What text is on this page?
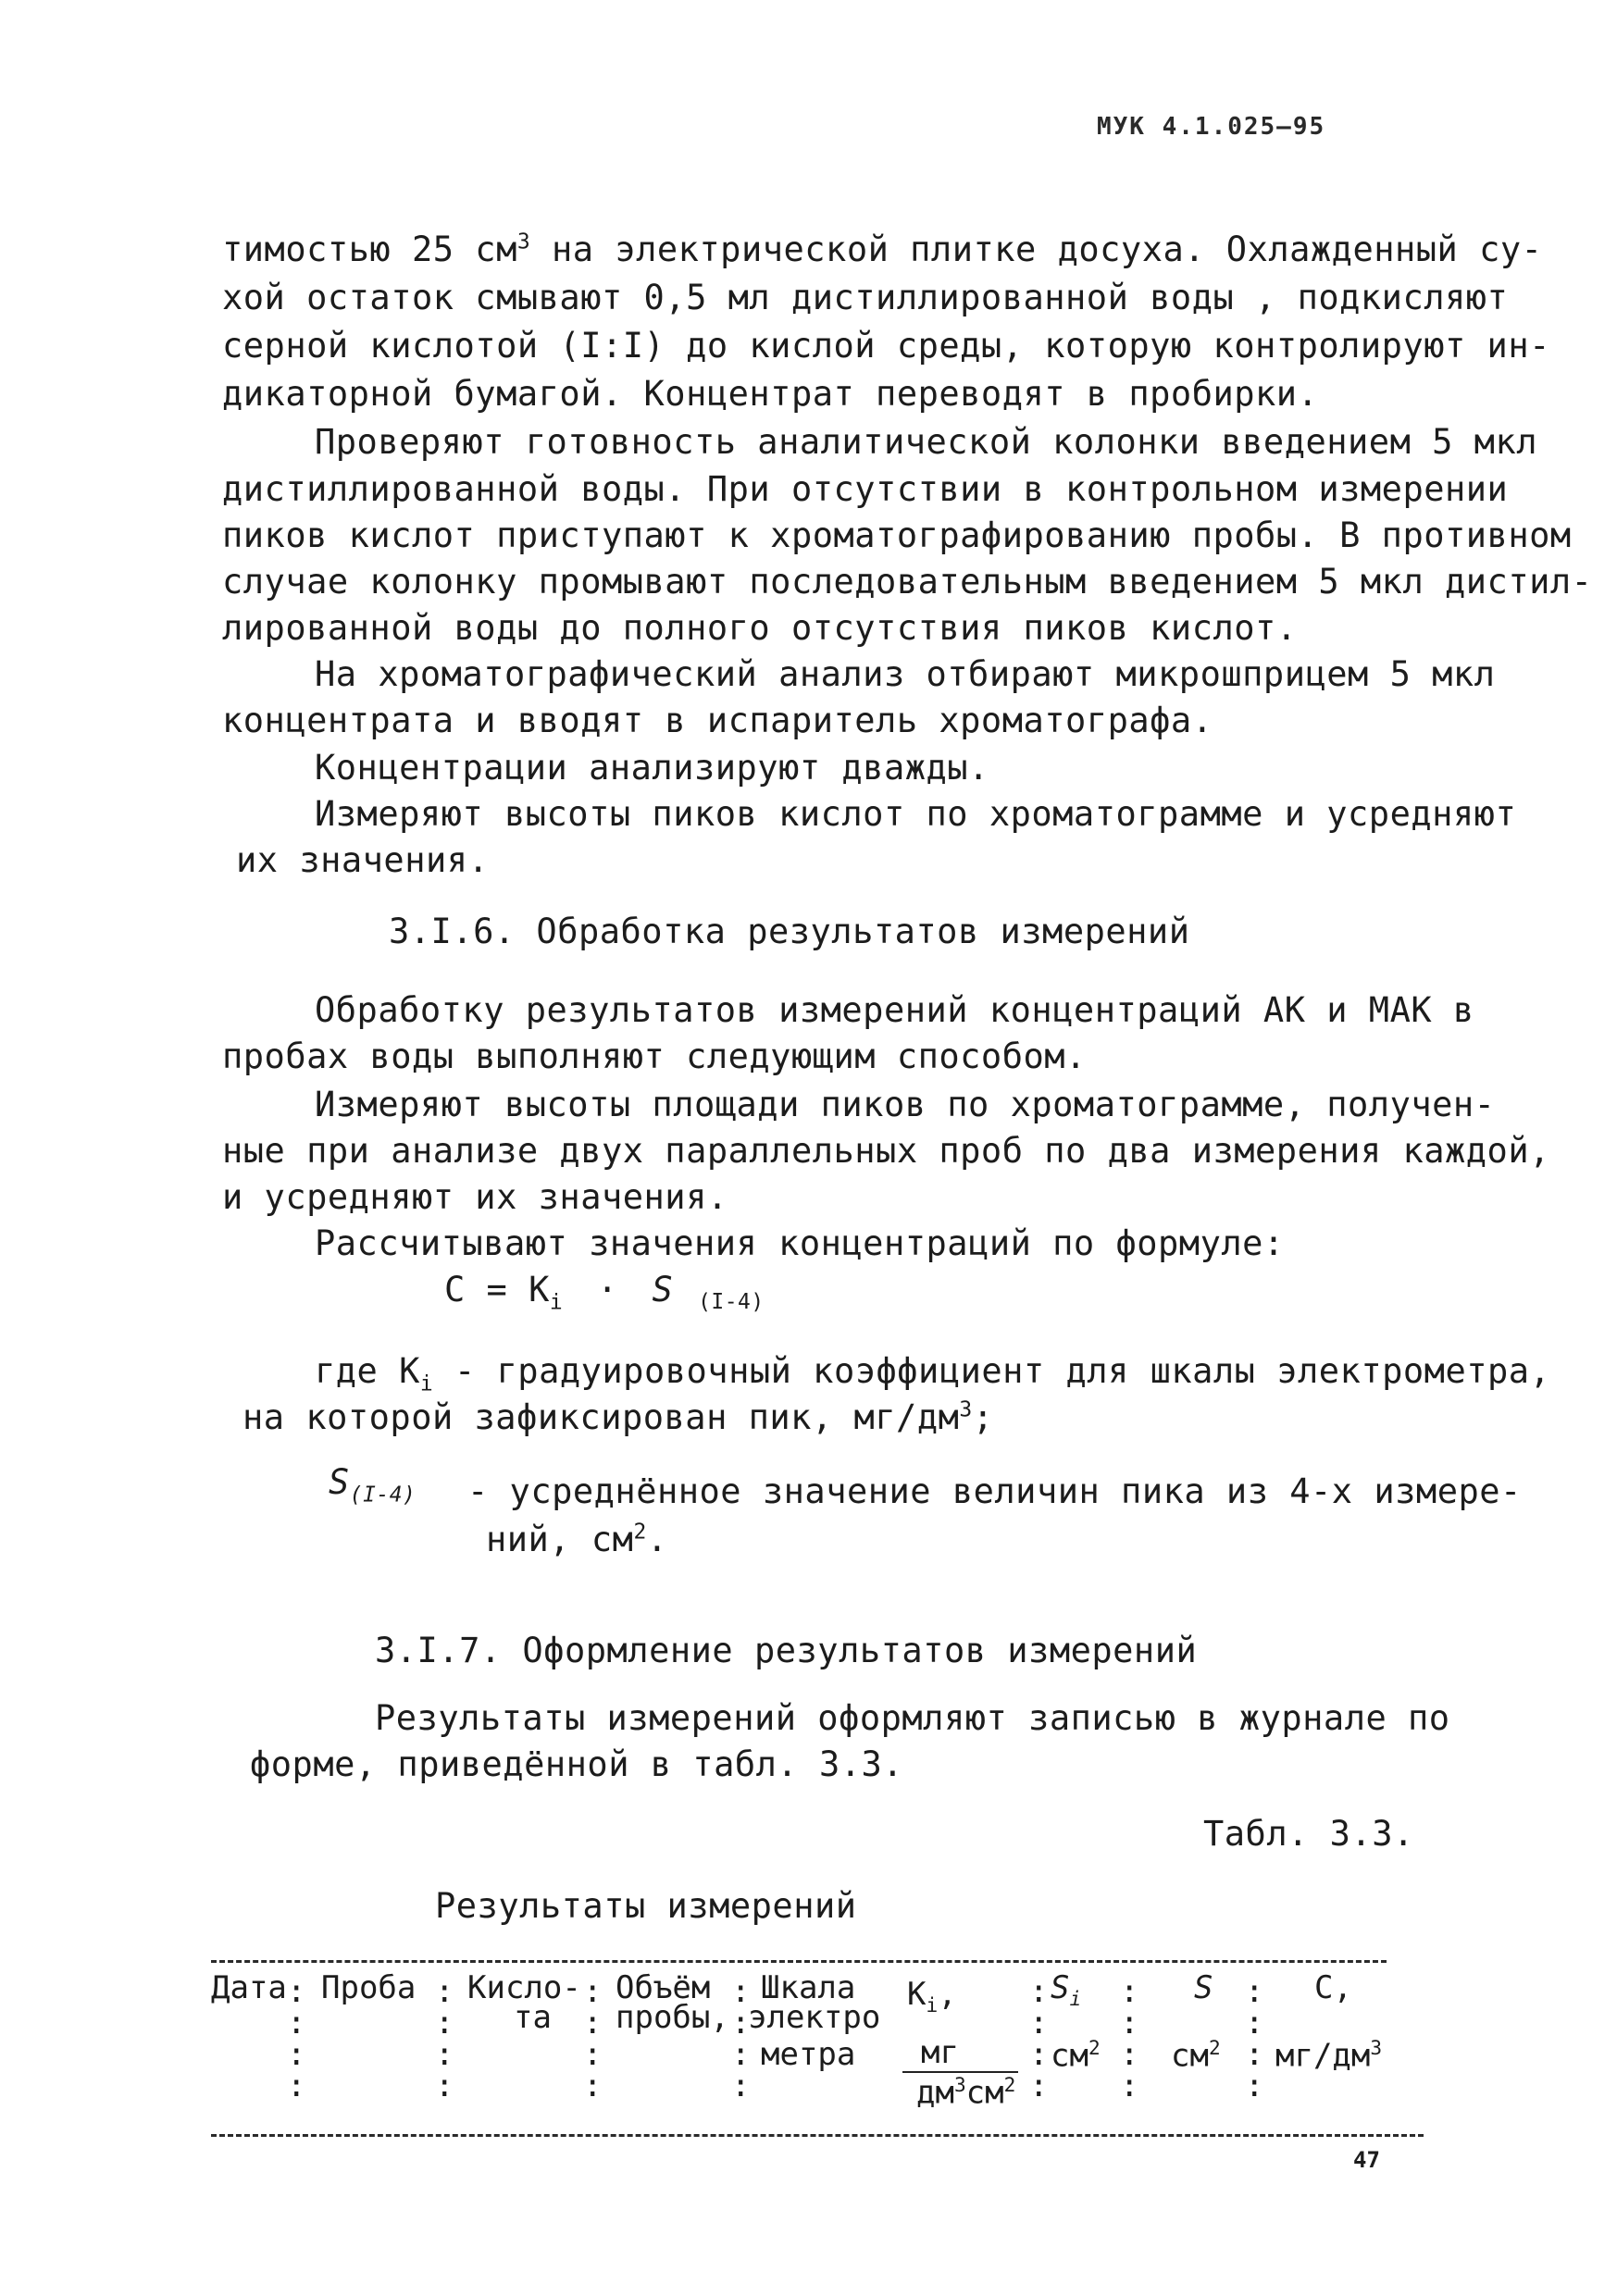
МУК 4.1.025—95
тимостью 25 $см^3$ на электрической плитке досуха. Охлажденный су-
хой остаток смывают 0,5 мл дистиллированной воды , подкисляют
серной кислотой (I:I) до кислой среды, которую контролируют ин-
дикаторной бумагой. Концентрат переводят в пробирки.
Проверяют готовность аналитической колонки введением 5 мкл
дистиллированной воды. При отсутствии в контрольном измерении
пиков кислот приступают к хроматографированию пробы. В противном
случае колонку промывают последовательным введением 5 мкл дистил-
лированной воды до полного отсутствия пиков кислот.
На хроматографический анализ отбирают микрошприцем 5 мкл
концентрата и вводят в испаритель хроматографа.
Концентрации анализируют дважды.
Измеряют высоты пиков кислот по хроматограмме и усредняют
их значения.
3.I.6. Обработка результатов измерений
Обработку результатов измерений концентраций АК и МАК в
пробах воды выполняют следующим способом.
Измеряют высоты площади пиков по хроматограмме, получен-
ные при анализе двух параллельных проб по два измерения каждой,
и усредняют их значения.
Рассчитывают значения концентраций по формуле:
$C = K_i \cdot S$ $_{(I-4)}$
где $K_i$ - градуировочный коэффициент для шкалы электрометра,
на которой зафиксирован пик, $мг/дм^3$;
$S_{(I-4)}$ - усреднённое значение величин пика из 4-х измере-
ний, $см^2$.
3.I.7. Оформление результатов измерений
Результаты измерений оформляют записью в журнале по
форме, приведённой в табл. 3.3.
Табл. 3.3.
Результаты измерений
:
:
:
:
:
:
:
:
:
:
:
:
:
:
:
:
:
:
:
:
:
:
:
:
:
:
:
:
Дата Проба Кисло-
та
Объём
пробы,
Шкала
электро
метра
$K_i$,
мг
$дм^3см^2$
$S_i$
$см^2$
S
$см^2$
C,
$мг/дм^3$
47
